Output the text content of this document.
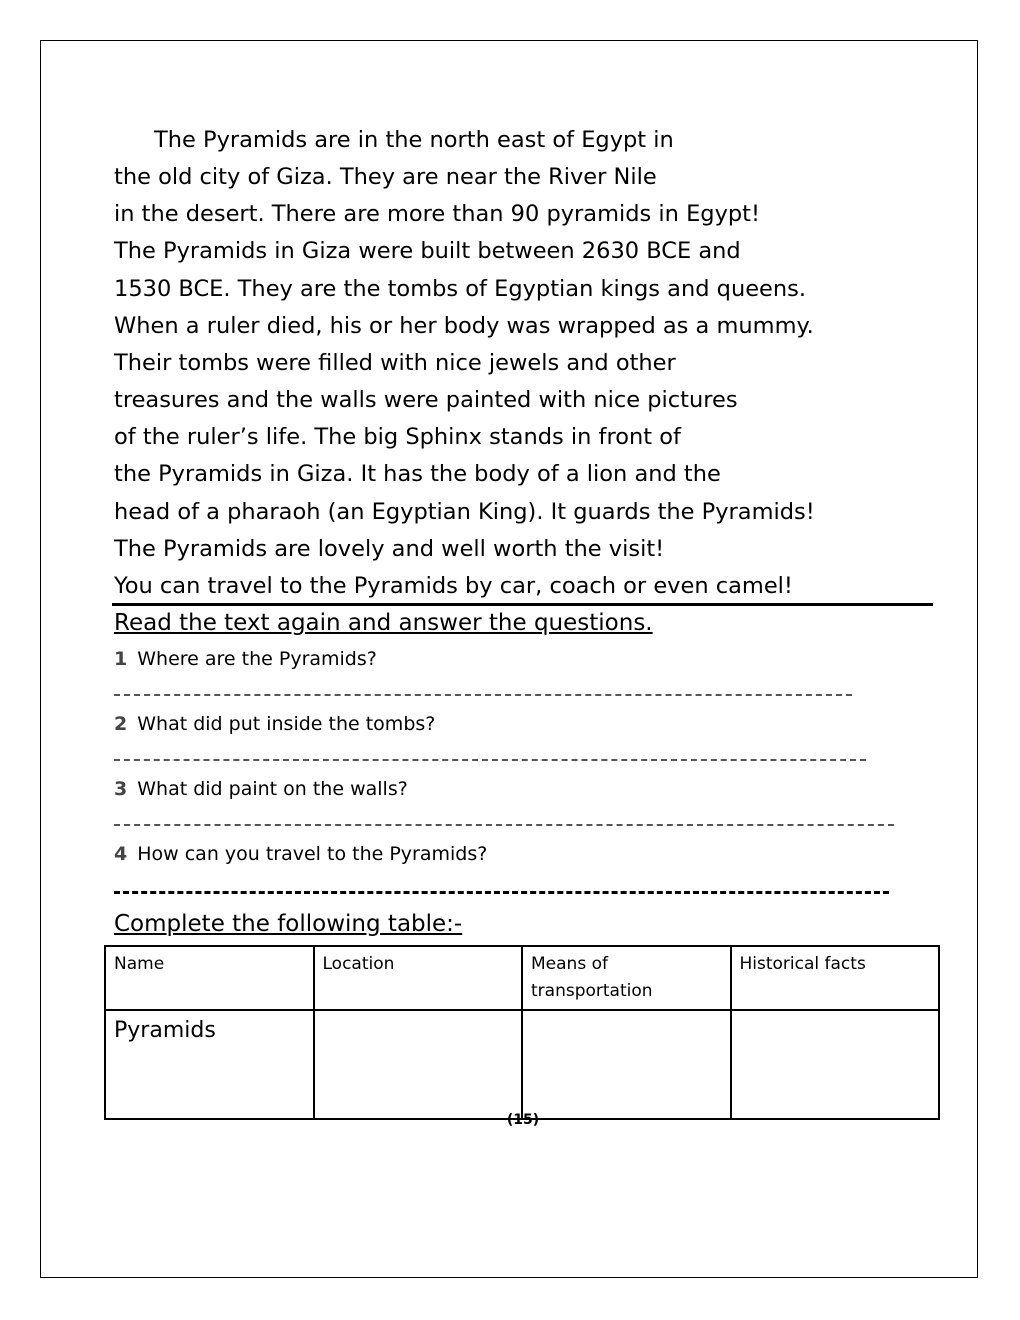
The Pyramids are in the north east of Egypt in
the old city of Giza. They are near the River Nile
in the desert. There are more than 90 pyramids in Egypt!
The Pyramids in Giza were built between 2630 BCE and
1530 BCE. They are the tombs of Egyptian kings and queens.
When a ruler died, his or her body was wrapped as a mummy.
Their tombs were filled with nice jewels and other
treasures and the walls were painted with nice pictures
of the ruler’s life. The big Sphinx stands in front of
the Pyramids in Giza. It has the body of a lion and the
head of a pharaoh (an Egyptian King). It guards the Pyramids!
The Pyramids are lovely and well worth the visit!
You can travel to the Pyramids by car, coach or even camel!
Read the text again and answer the questions.
1 Where are the Pyramids?
2 What did put inside the tombs?
3 What did paint on the walls?
4 How can you travel to the Pyramids?
Complete the following table:-
Name	Location	Means of transportation	Historical facts
Pyramids			
(15)
